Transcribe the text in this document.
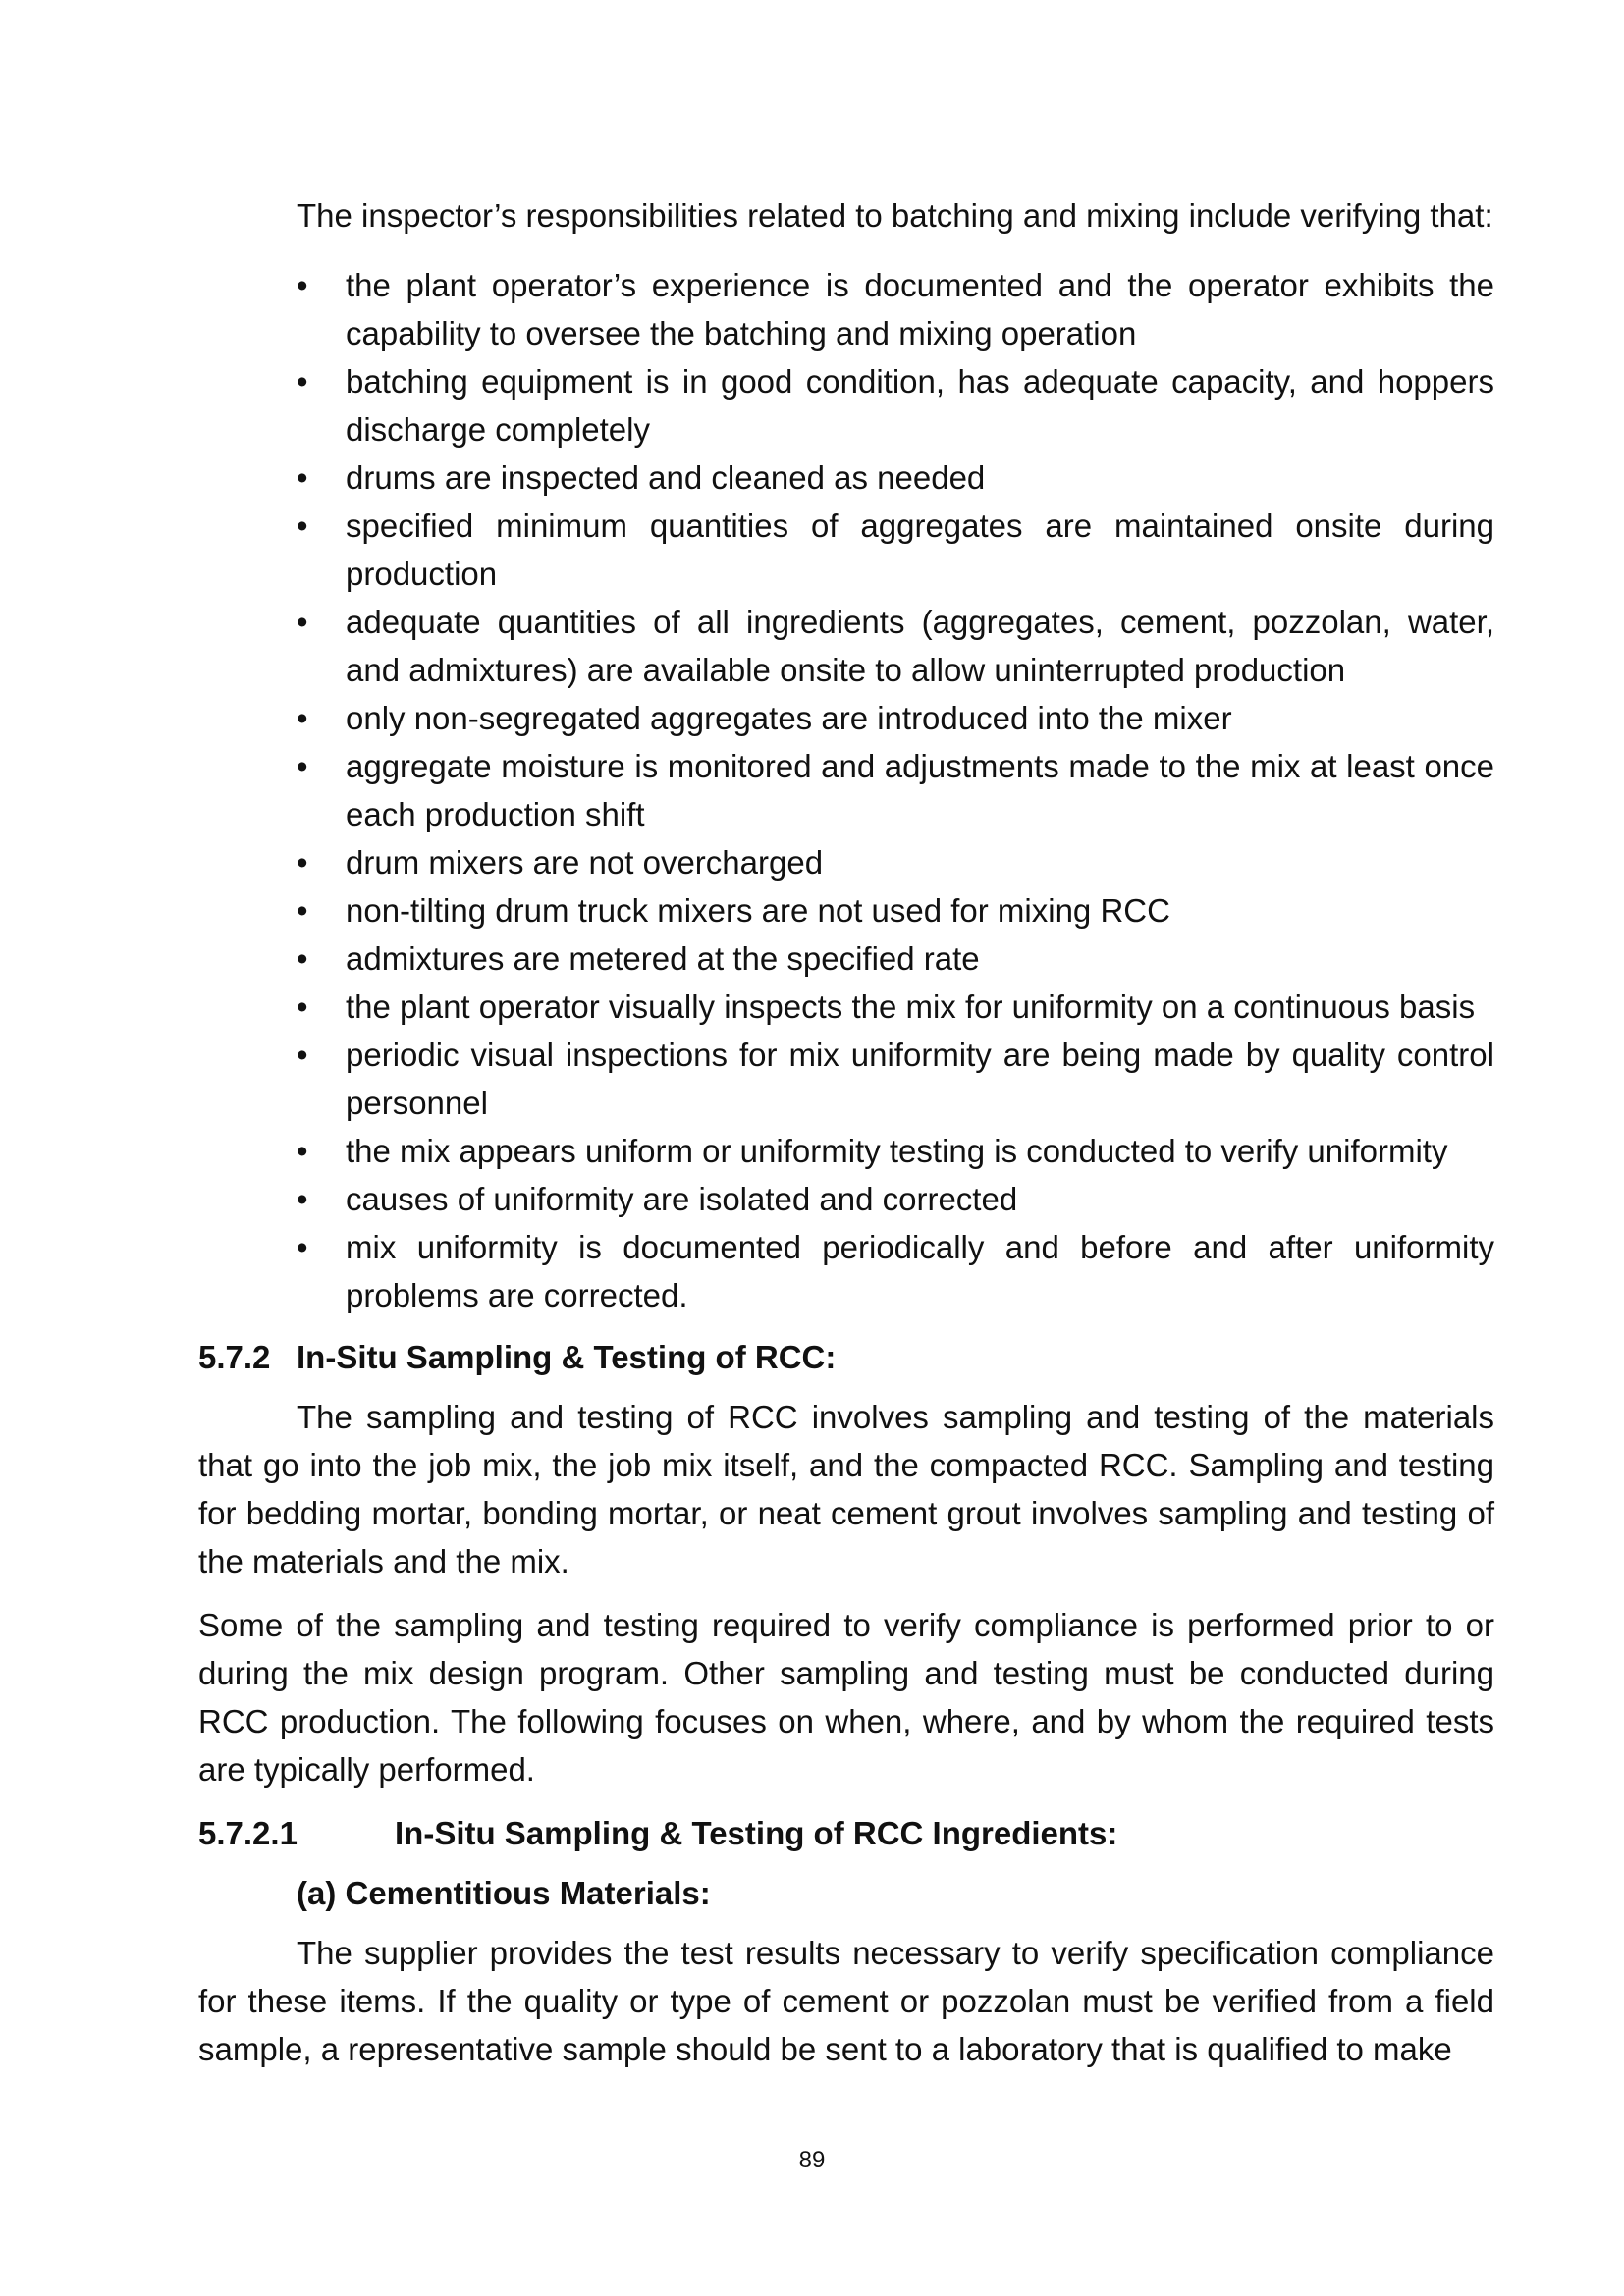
The inspector’s responsibilities related to batching and mixing include verifying that:

• the plant operator’s experience is documented and the operator exhibits the capability to oversee the batching and mixing operation
• batching equipment is in good condition, has adequate capacity, and hoppers discharge completely
• drums are inspected and cleaned as needed
• specified minimum quantities of aggregates are maintained onsite during production
• adequate quantities of all ingredients (aggregates, cement, pozzolan, water, and admixtures) are available onsite to allow uninterrupted production
• only non-segregated aggregates are introduced into the mixer
• aggregate moisture is monitored and adjustments made to the mix at least once each production shift
• drum mixers are not overcharged
• non-tilting drum truck mixers are not used for mixing RCC
• admixtures are metered at the specified rate
• the plant operator visually inspects the mix for uniformity on a continuous basis
• periodic visual inspections for mix uniformity are being made by quality control personnel
• the mix appears uniform or uniformity testing is conducted to verify uniformity
• causes of uniformity are isolated and corrected
• mix uniformity is documented periodically and before and after uniformity problems are corrected.
5.7.2 In-Situ Sampling & Testing of RCC:

The sampling and testing of RCC involves sampling and testing of the materials that go into the job mix, the job mix itself, and the compacted RCC. Sampling and testing for bedding mortar, bonding mortar, or neat cement grout involves sampling and testing of the materials and the mix.

Some of the sampling and testing required to verify compliance is performed prior to or during the mix design program. Other sampling and testing must be conducted during RCC production. The following focuses on when, where, and by whom the required tests are typically performed.

5.7.2.1	In-Situ Sampling & Testing of RCC Ingredients:
(a) Cementitious Materials:

The supplier provides the test results necessary to verify specification compliance for these items. If the quality or type of cement or pozzolan must be verified from a field sample, a representative sample should be sent to a laboratory that is qualified to make

89
